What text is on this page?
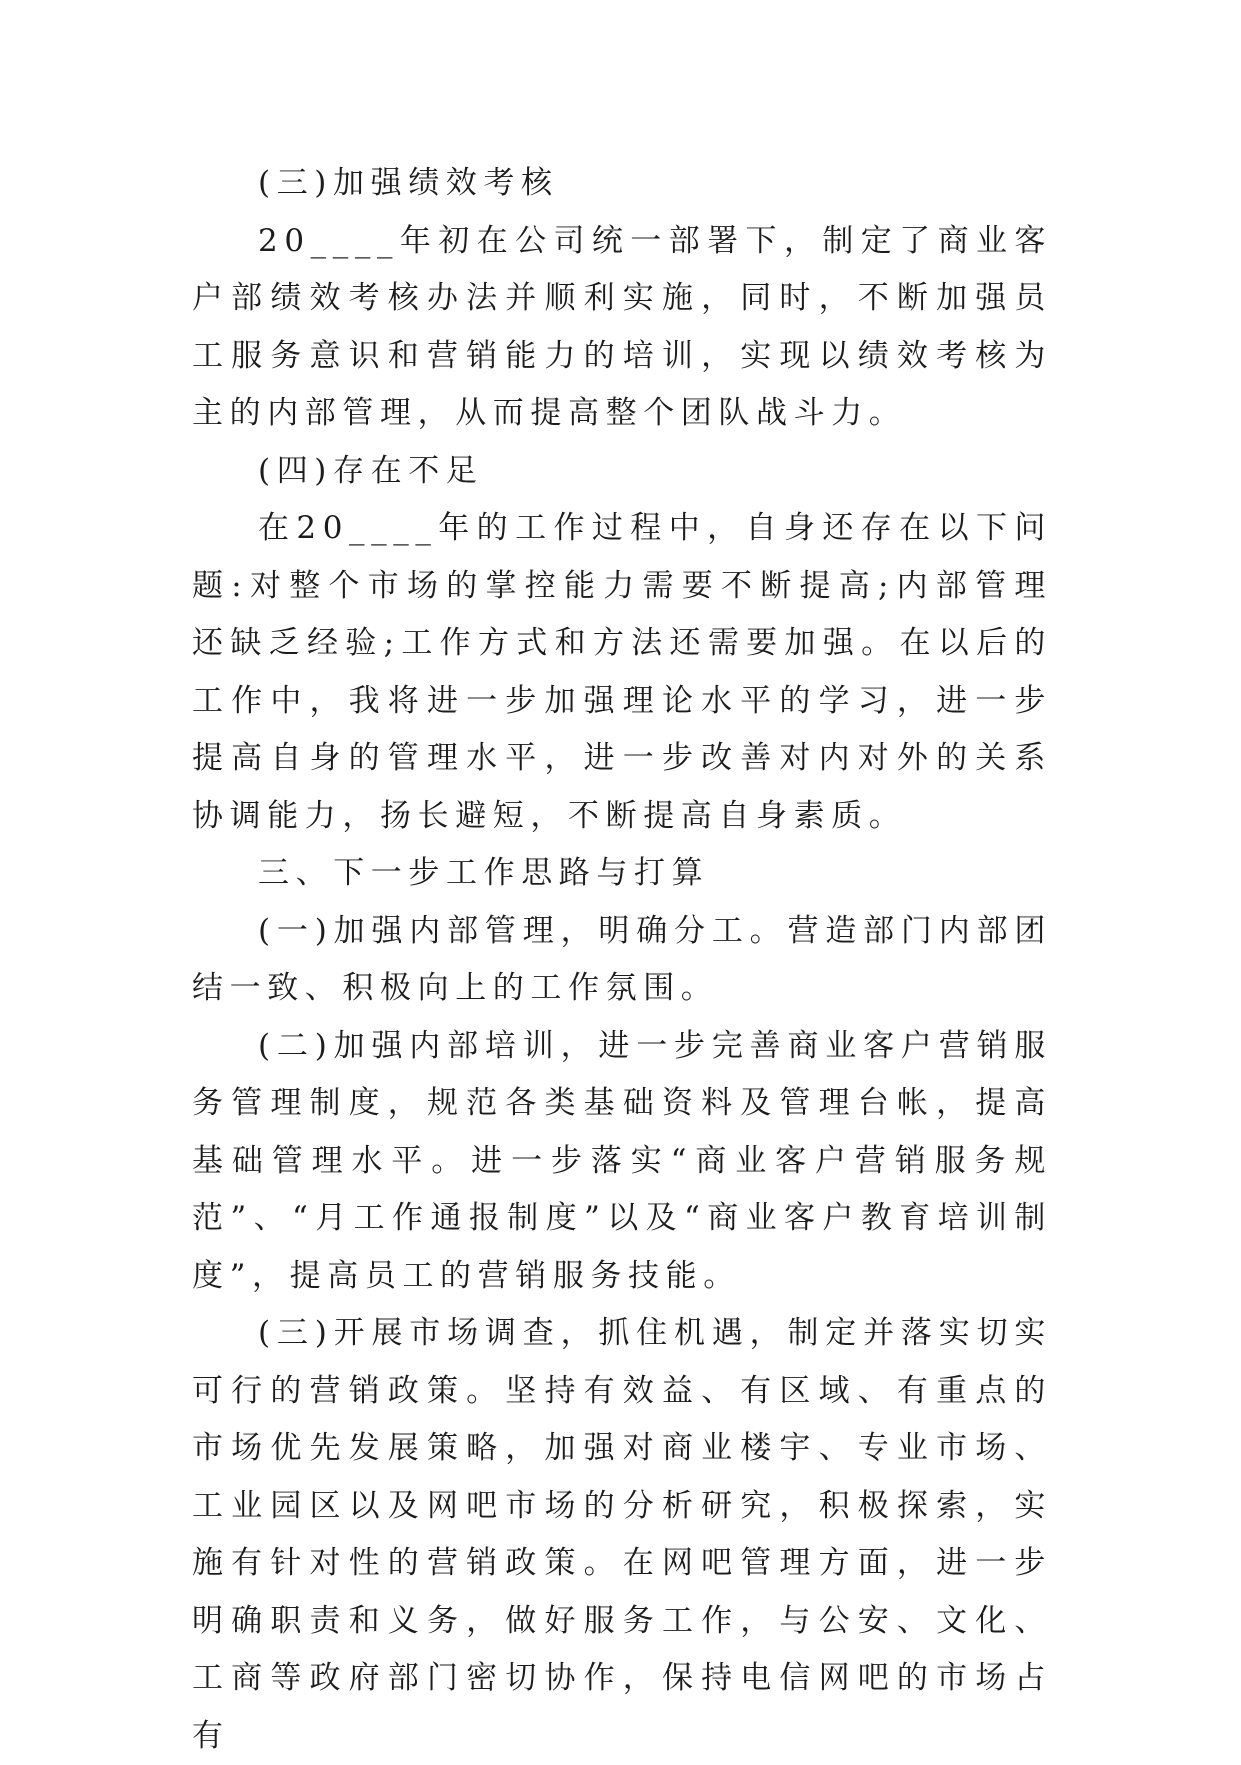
(三)加强绩效考核

20____年初在公司统一部署下，制定了商业客户部绩效考核办法并顺利实施，同时，不断加强员工服务意识和营销能力的培训，实现以绩效考核为主的内部管理，从而提高整个团队战斗力。

(四)存在不足

在20____年的工作过程中，自身还存在以下问题:对整个市场的掌控能力需要不断提高;内部管理还缺乏经验;工作方式和方法还需要加强。在以后的工作中，我将进一步加强理论水平的学习，进一步提高自身的管理水平，进一步改善对内对外的关系协调能力，扬长避短，不断提高自身素质。

三、下一步工作思路与打算

(一)加强内部管理，明确分工。营造部门内部团结一致、积极向上的工作氛围。

(二)加强内部培训，进一步完善商业客户营销服务管理制度，规范各类基础资料及管理台帐，提高基础管理水平。进一步落实“商业客户营销服务规范”、“月工作通报制度”以及“商业客户教育培训制度”，提高员工的营销服务技能。

(三)开展市场调查，抓住机遇，制定并落实切实可行的营销政策。坚持有效益、有区域、有重点的市场优先发展策略，加强对商业楼宇、专业市场、工业园区以及网吧市场的分析研究，积极探索，实施有针对性的营销政策。在网吧管理方面，进一步明确职责和义务，做好服务工作，与公安、文化、工商等政府部门密切协作，保持电信网吧的市场占有
